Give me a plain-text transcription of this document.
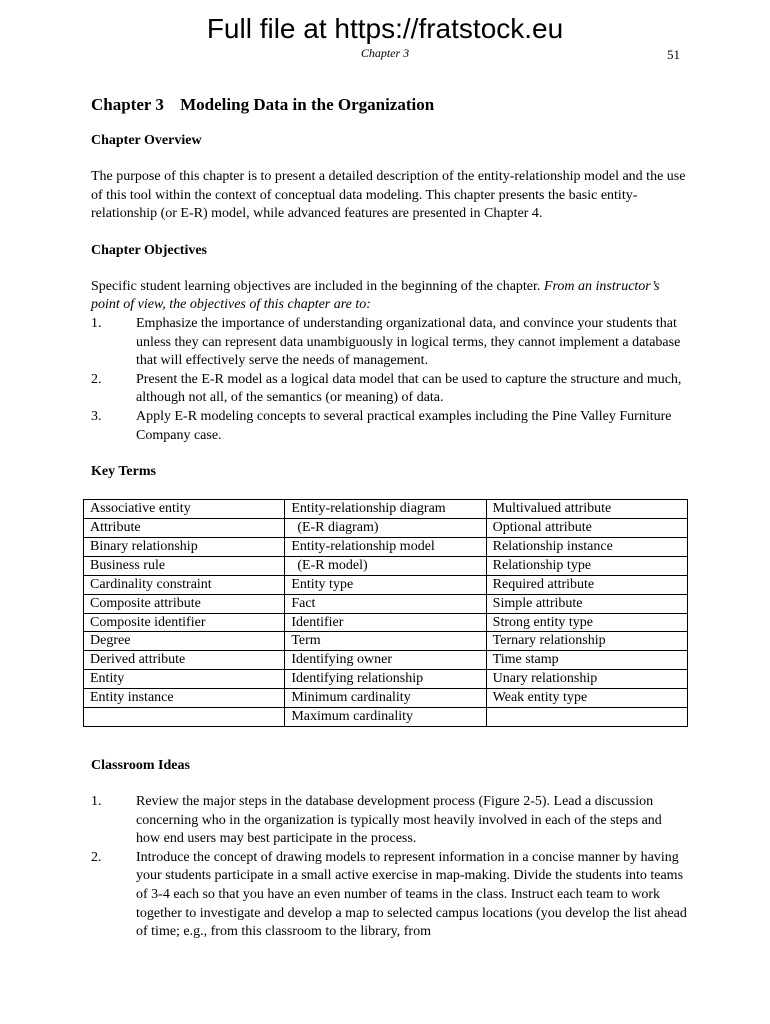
Full file at https://fratstock.eu
Chapter 3	51
Chapter 3 Modeling Data in the Organization
Chapter Overview

The purpose of this chapter is to present a detailed description of the entity-relationship model and the use of this tool within the context of conceptual data modeling. This chapter presents the basic entity-relationship (or E-R) model, while advanced features are presented in Chapter 4.

Chapter Objectives

Specific student learning objectives are included in the beginning of the chapter. From an instructor’s point of view, the objectives of this chapter are to:

1.	Emphasize the importance of understanding organizational data, and convince your students that unless they can represent data unambiguously in logical terms, they cannot implement a database that will effectively serve the needs of management.
2.	Present the E-R model as a logical data model that can be used to capture the structure and much, although not all, of the semantics (or meaning) of data.
3.	Apply E-R modeling concepts to several practical examples including the Pine Valley Furniture Company case.
Key Terms
Associative entity	Entity-relationship diagram	Multivalued attribute
Attribute	(E-R diagram)	Optional attribute
Binary relationship	Entity-relationship model	Relationship instance
Business rule	(E-R model)	Relationship type
Cardinality constraint	Entity type	Required attribute
Composite attribute	Fact	Simple attribute
Composite identifier	Identifier	Strong entity type
Degree	Term	Ternary relationship
Derived attribute	Identifying owner	Time stamp
Entity	Identifying relationship	Unary relationship
Entity instance	Minimum cardinality	Weak entity type
	Maximum cardinality	
Classroom Ideas
1.	Review the major steps in the database development process (Figure 2-5). Lead a discussion concerning who in the organization is typically most heavily involved in each of the steps and how end users may best participate in the process.
2.	Introduce the concept of drawing models to represent information in a concise manner by having your students participate in a small active exercise in map-making. Divide the students into teams of 3-4 each so that you have an even number of teams in the class. Instruct each team to work together to investigate and develop a map to selected campus locations (you develop the list ahead of time; e.g., from this classroom to the library, from
